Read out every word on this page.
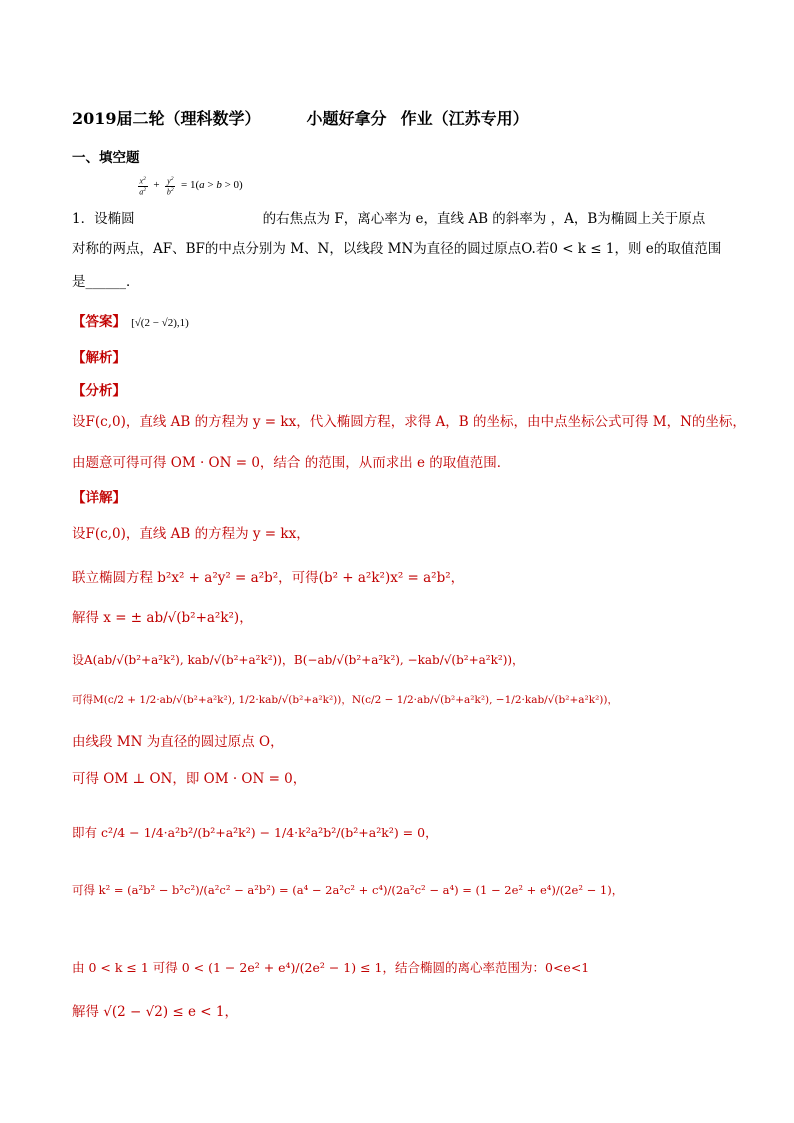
2019届二轮（理科数学）	小题好拿分 作业（江苏专用）
一、填空题

$\frac{x^2}{a^2} + \frac{y^2}{b^2} = 1(a > b > 0)$
1．设椭圆	的右焦点为 F，离心率为 e，直线 AB 的斜率为 ，A，B为椭圆上关于原点
对称的两点，AF、BF的中点分别为 M、N，以线段 MN为直径的圆过原点O.若0 < k ≤ 1，则 e的取值范围
是______．
【答案】 [√(2 − √2),1)
【解析】
【分析】
设F(c,0)，直线 AB 的方程为 y = kx，代入椭圆方程，求得 A，B 的坐标，由中点坐标公式可得 M，N的坐标，
由题意可得可得 OM · ON = 0，结合 的范围，从而求出 e 的取值范围．
【详解】
设F(c,0)，直线 AB 的方程为 y = kx，
联立椭圆方程 b²x² + a²y² = a²b²，可得(b² + a²k²)x² = a²b²，
解得 x = ± ab/√(b²+a²k²)，
设A(ab/√(b²+a²k²), kab/√(b²+a²k²))，B(−ab/√(b²+a²k²), −kab/√(b²+a²k²))，
可得M(c/2 + 1/2·ab/√(b²+a²k²), 1/2·kab/√(b²+a²k²))，N(c/2 − 1/2·ab/√(b²+a²k²), −1/2·kab/√(b²+a²k²))，
由线段 MN 为直径的圆过原点 O，
可得 OM ⊥ ON，即 OM · ON = 0，
即有 c²/4 − 1/4·a²b²/(b²+a²k²) − 1/4·k²a²b²/(b²+a²k²) = 0，
可得 k² = (a²b² − b²c²)/(a²c² − a²b²) = (a⁴ − 2a²c² + c⁴)/(2a²c² − a⁴) = (1 − 2e² + e⁴)/(2e² − 1)，
由 0 < k ≤ 1 可得 0 < (1 − 2e² + e⁴)/(2e² − 1) ≤ 1，结合椭圆的离心率范围为：0<e<1
解得 √(2 − √2) ≤ e < 1，
